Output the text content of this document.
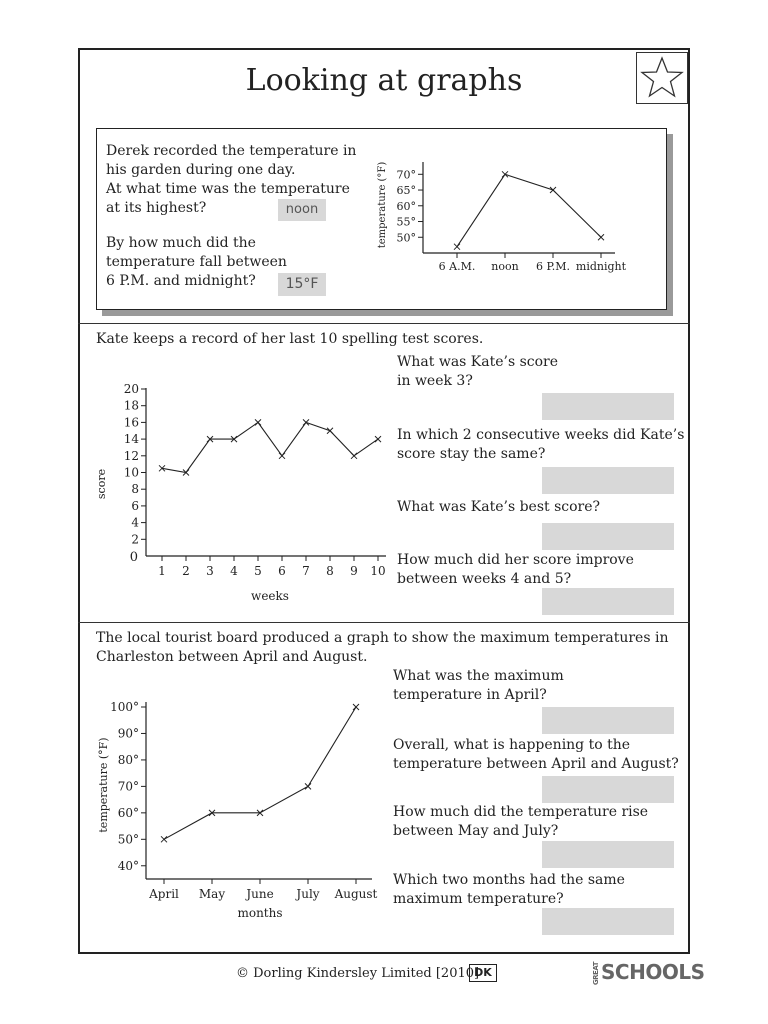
Looking at graphs
Derek recorded the temperature in
his garden during one day.
At what time was the temperature
at its highest?	noon
By how much did the
temperature fall between
6 P.M. and midnight?	15°F
50°
55°
60°
65°
70°
6 A.M. noon 6 P.M. midnight
temperature (°F)
Kate keeps a record of her last 10 spelling test scores.
2
4
6
8
10
12
14
16
18
20
0
1 2 3 4 5 6 7 8 9 10
score
weeks
What was Kate’s score
in week 3?
In which 2 consecutive weeks did Kate’s
score stay the same?
What was Kate’s best score?
How much did her score improve
between weeks 4 and 5?
The local tourist board produced a graph to show the maximum temperatures in
Charleston between April and August.
40°
50°
60°
70°
80°
90°
100°
April May June July August
temperature (°F)
months
What was the maximum
temperature in April?
Overall, what is happening to the
temperature between April and August?
How much did the temperature rise
between May and July?
Which two months had the same
maximum temperature?
© Dorling Kindersley Limited [2010]
DK	GREATSCHOOLS
